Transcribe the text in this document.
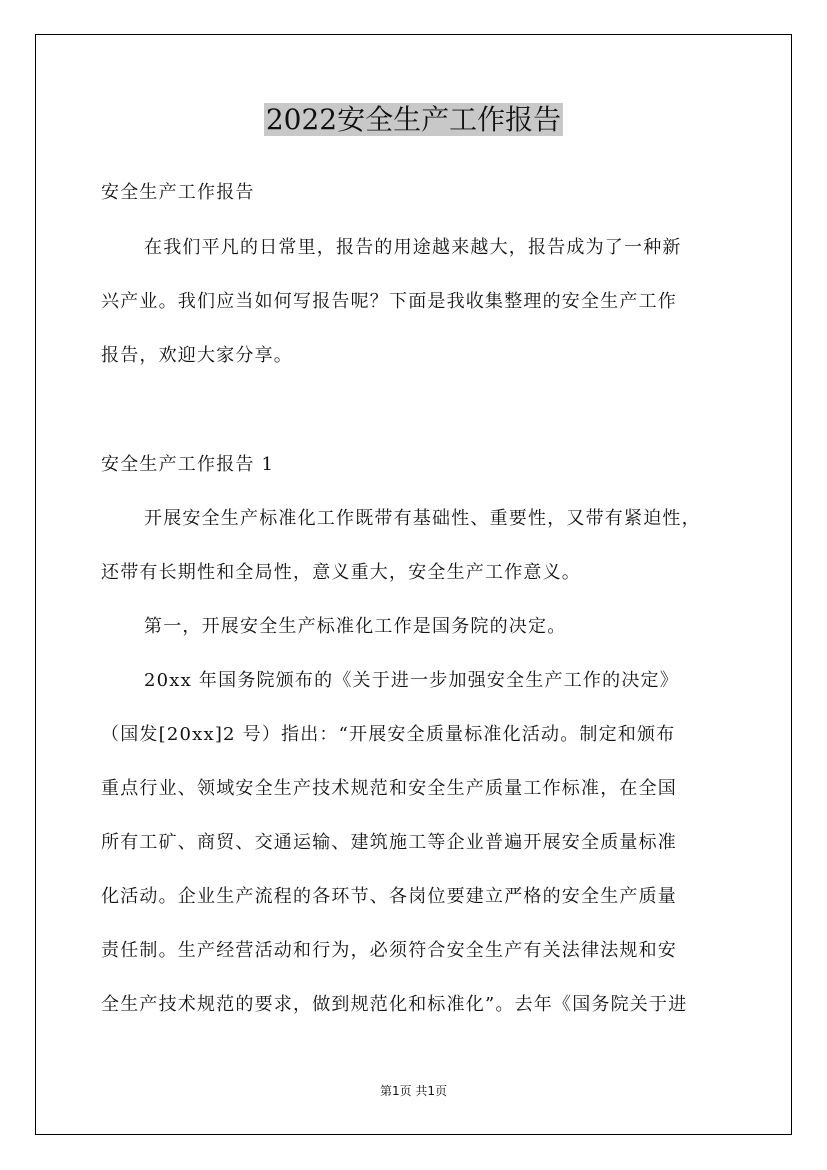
2022安全生产工作报告
安全生产工作报告
在我们平凡的日常里，报告的用途越来越大，报告成为了一种新
兴产业。我们应当如何写报告呢？下面是我收集整理的安全生产工作
报告，欢迎大家分享。
安全生产工作报告 1
开展安全生产标准化工作既带有基础性、重要性，又带有紧迫性，
还带有长期性和全局性，意义重大，安全生产工作意义。
第一，开展安全生产标准化工作是国务院的决定。
20xx 年国务院颁布的《关于进一步加强安全生产工作的决定》
（国发[20xx]2 号）指出：“开展安全质量标准化活动。制定和颁布
重点行业、领域安全生产技术规范和安全生产质量工作标准，在全国
所有工矿、商贸、交通运输、建筑施工等企业普遍开展安全质量标准
化活动。企业生产流程的各环节、各岗位要建立严格的安全生产质量
责任制。生产经营活动和行为，必须符合安全生产有关法律法规和安
全生产技术规范的要求，做到规范化和标准化”。去年《国务院关于进
第1页 共1页
